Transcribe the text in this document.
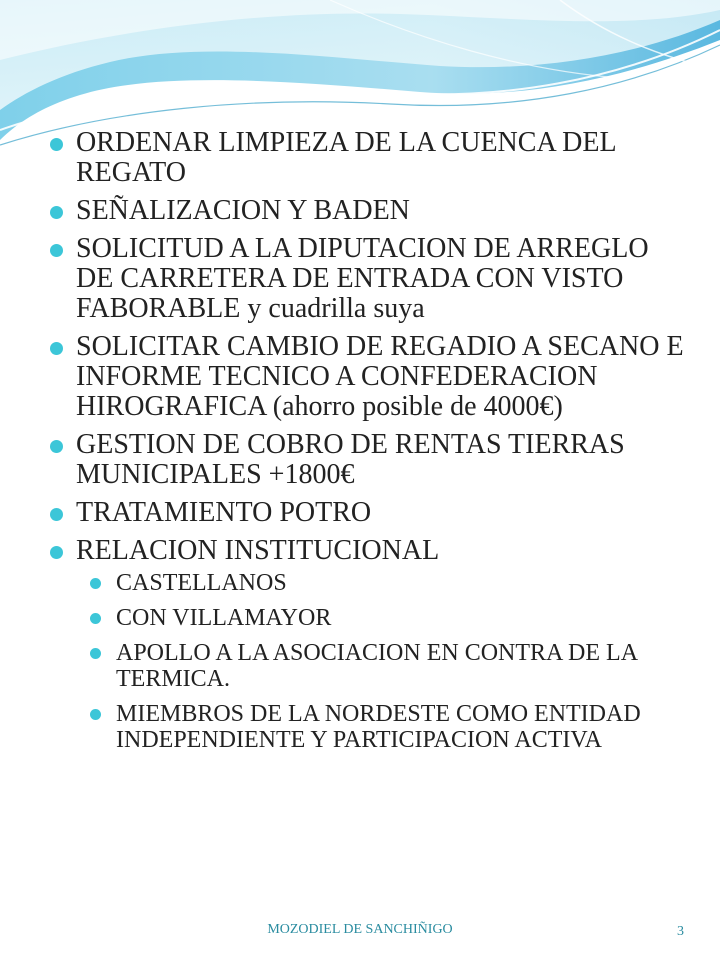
ORDENAR LIMPIEZA DE LA CUENCA DEL REGATO
SEÑALIZACION Y BADEN
SOLICITUD A LA DIPUTACION DE ARREGLO DE CARRETERA DE ENTRADA CON VISTO FABORABLE y cuadrilla suya
SOLICITAR CAMBIO DE REGADIO A SECANO E INFORME TECNICO A CONFEDERACION HIROGRAFICA (ahorro posible de 4000€)
GESTION DE COBRO DE RENTAS TIERRAS MUNICIPALES +1800€
TRATAMIENTO POTRO
RELACION INSTITUCIONAL
CASTELLANOS
CON VILLAMAYOR
APOLLO A LA ASOCIACION EN CONTRA DE LA TERMICA.
MIEMBROS DE LA NORDESTE COMO ENTIDAD INDEPENDIENTE Y PARTICIPACION ACTIVA
MOZODIEL DE SANCHIÑIGO	3
